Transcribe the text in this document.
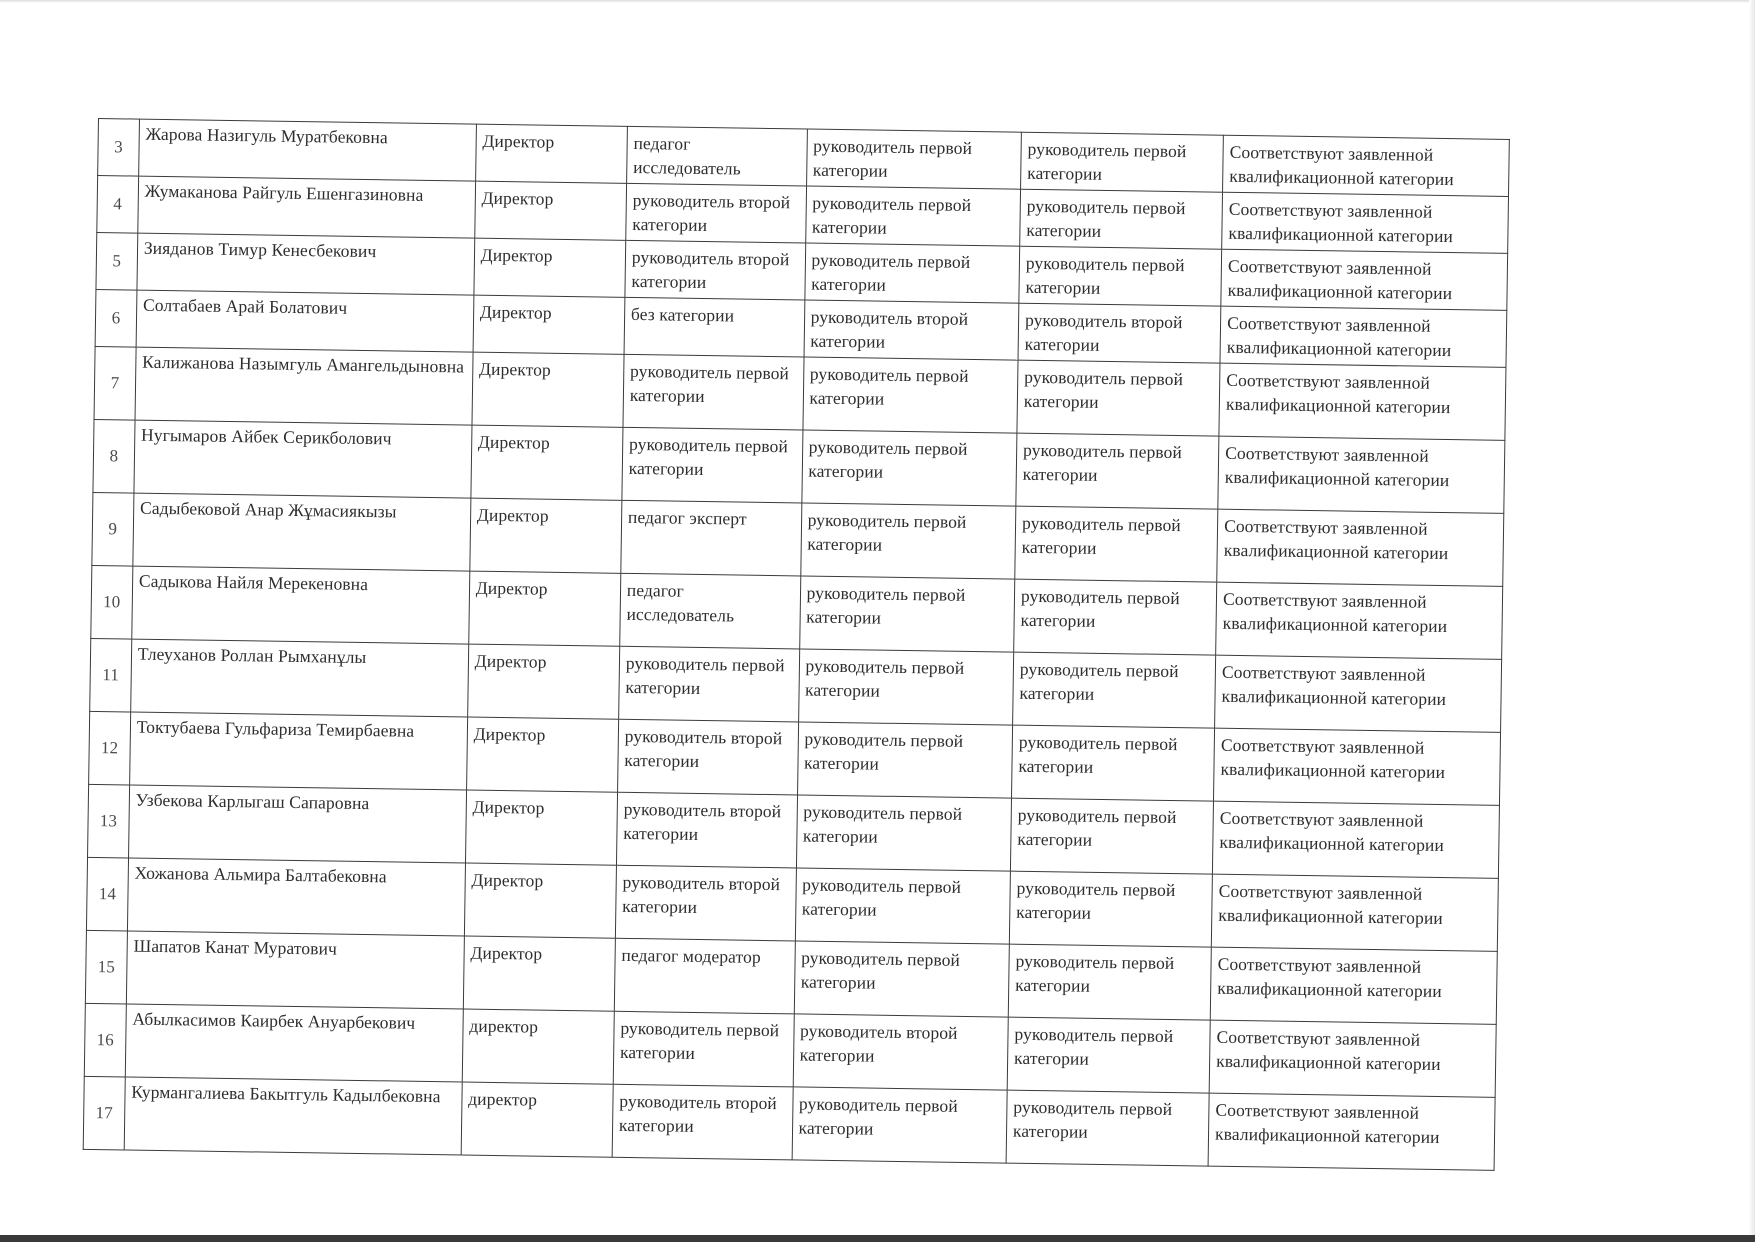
3	Жарова Назигуль Муратбековна	Директор	педагог исследователь	руководитель первой категории	руководитель первой категории	Соответствуют заявленной квалификационной категории
4	Жумаканова Райгуль Ешенгазиновна	Директор	руководитель второй категории	руководитель первой категории	руководитель первой категории	Соответствуют заявленной квалификационной категории
5	Зияданов Тимур Кенесбекович	Директор	руководитель второй категории	руководитель первой категории	руководитель первой категории	Соответствуют заявленной квалификационной категории
6	Солтабаев Арай Болатович	Директор	без категории	руководитель второй категории	руководитель второй категории	Соответствуют заявленной квалификационной категории
7	Калижанова Назымгуль Амангельдыновна	Директор	руководитель первой категории	руководитель первой категории	руководитель первой категории	Соответствуют заявленной квалификационной категории
8	Нугымаров Айбек Серикболович	Директор	руководитель первой категории	руководитель первой категории	руководитель первой категории	Соответствуют заявленной квалификационной категории
9	Садыбековой Анар Жұмасиякызы	Директор	педагог эксперт	руководитель первой категории	руководитель первой категории	Соответствуют заявленной квалификационной категории
10	Садыкова Найля Мерекеновна	Директор	педагог исследователь	руководитель первой категории	руководитель первой категории	Соответствуют заявленной квалификационной категории
11	Тлеуханов Роллан Рымханұлы	Директор	руководитель первой категории	руководитель первой категории	руководитель первой категории	Соответствуют заявленной квалификационной категории
12	Токтубаева Гульфариза Темирбаевна	Директор	руководитель второй категории	руководитель первой категории	руководитель первой категории	Соответствуют заявленной квалификационной категории
13	Узбекова Карлыгаш Сапаровна	Директор	руководитель второй категории	руководитель первой категории	руководитель первой категории	Соответствуют заявленной квалификационной категории
14	Хожанова Альмира Балтабековна	Директор	руководитель второй категории	руководитель первой категории	руководитель первой категории	Соответствуют заявленной квалификационной категории
15	Шапатов Канат Муратович	Директор	педагог модератор	руководитель первой категории	руководитель первой категории	Соответствуют заявленной квалификационной категории
16	Абылкасимов Каирбек Ануарбекович	директор	руководитель первой категории	руководитель второй категории	руководитель первой категории	Соответствуют заявленной квалификационной категории
17	Курмангалиева Бакытгуль Кадылбековна	директор	руководитель второй категории	руководитель первой категории	руководитель первой категории	Соответствуют заявленной квалификационной категории
